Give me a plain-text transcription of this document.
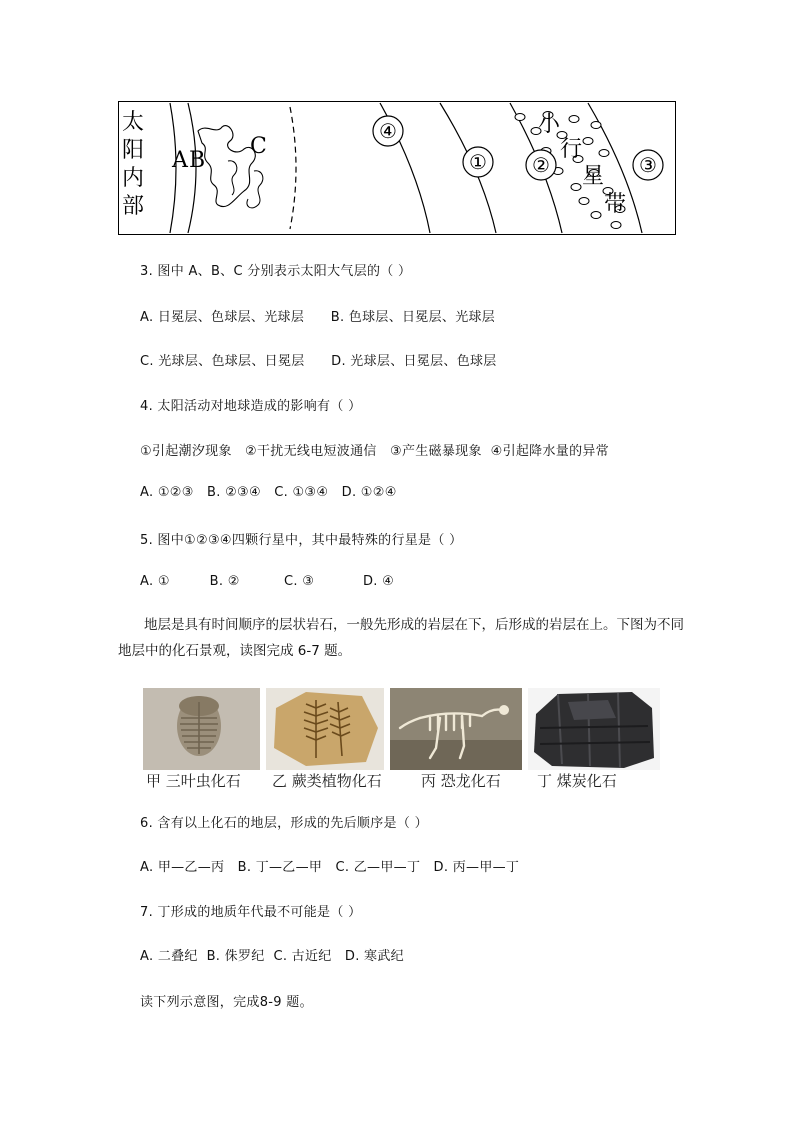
④
① ②	③
太
阳
内
部
A B
C
小
行
星
带
3. 图中 A、B、C 分别表示太阳大气层的（ ）
A. 日冕层、色球层、光球层      B. 色球层、日冕层、光球层
C. 光球层、色球层、日冕层      D. 光球层、日冕层、色球层
4. 太阳活动对地球造成的影响有（ ）
①引起潮汐现象   ②干扰无线电短波通信   ③产生磁暴现象  ④引起降水量的异常
A. ①②③   B. ②③④   C. ①③④   D. ①②④
5. 图中①②③④四颗行星中，其中最特殊的行星是（ ）
A. ①         B. ②          C. ③           D. ④
地层是具有时间顺序的层状岩石，一般先形成的岩层在下，后形成的岩层在上。下图为不同地层中的化石景观，读图完成 6-7 题。
甲 三叶虫化石 乙 蕨类植物化石	丙 恐龙化石 丁 煤炭化石
6. 含有以上化石的地层，形成的先后顺序是（ ）
A. 甲—乙—丙   B. 丁—乙—甲   C. 乙—甲—丁   D. 丙—甲—丁
7. 丁形成的地质年代最不可能是（ ）
A. 二叠纪  B. 侏罗纪  C. 古近纪   D. 寒武纪
读下列示意图，完成8-9 题。
